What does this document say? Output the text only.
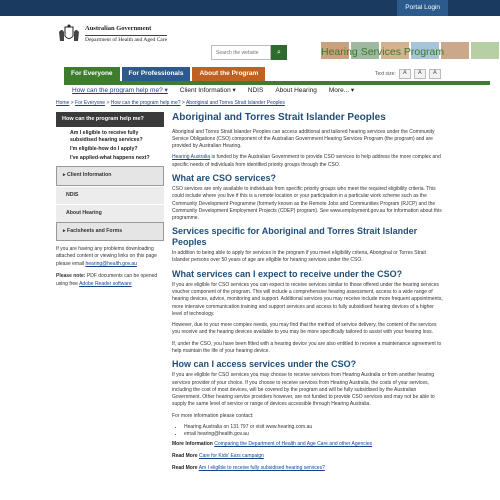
Portal Login
Australian Government
Department of Health and Aged Care
Search the website
⌕	Hearing Services Program
For Everyone	For Professionals	About the Program	Text size:	A	A	A
How can the program help me? ▾ Client Information ▾ NDIS About Hearing More... ▾
Home > For Everyone > How can the program help me? > Aboriginal and Torres Strait Islander Peoples
How can the program help me?
Am I eligible to receive fully subsidised hearing services?
I'm eligible-how do I apply?
I've applied-what happens next?
▸ Client Information
NDIS
About Hearing
▸ Factsheets and Forms

If you are having any problems downloading attached content or viewing links on this page please email hearing@health.gov.au

Please note: PDF documents can be opened using free Adobe Reader software

Aboriginal and Torres Strait Islander Peoples

Aboriginal and Torres Strait Islander Peoples can access additional and tailored hearing services under the Community Service Obligations (CSO) component of the Australian Government Hearing Services Program (the program) and are provided by Australian Hearing.

Hearing Australia is funded by the Australian Government to provide CSO services to help address the more complex and specific needs of individuals from identified priority groups through the CSO.

What are CSO services?

CSO services are only available to individuals from specific priority groups who meet the required eligibility criteria. This could include where you live if this is a remote location or your participation in a particular work scheme such as the Community Development Programme (formerly known as the Remote Jobs and Communities Program (RJCP) and the Community Development Employment Projects (CDEP) program). See www.employment.gov.au for information about this programme.

Services specific for Aboriginal and Torres Strait Islander Peoples

In addition to being able to apply for services in the program if you meet eligibility criteria, Aboriginal or Torres Strait Islander persons over 50 years of age are eligible for hearing services under the CSO.

What services can I expect to receive under the CSO?

If you are eligible for CSO services you can expect to receive services similar to those offered under the hearing services voucher component of the program. This will include a comprehensive hearing assessment, access to a wide range of hearing devices, advice, monitoring and support. Additional services you may receive include more frequent appointments, more intensive communication training and support services and access to fully subsidised hearing devices of a higher level of technology.

However, due to your more complex needs, you may find that the method of service delivery, the content of the services you receive and the hearing devices available to you may be more specifically tailored to assist with your hearing loss.

If, under the CSO, you have been fitted with a hearing device you are also entitled to receive a maintenance agreement to help maintain the life of your hearing device.

How can I access services under the CSO?

If you are eligible for CSO services you may choose to receive services from Hearing Australia or from another hearing services provider of your choice. If you choose to receive services from Hearing Australia, the costs of your services, including the cost of most devices, will be covered by the program and will be fully subsidised by the Australian Government. Other hearing service providers however, are not funded to provide CSO services and may not be able to supply the same level of service or range of devices accessible through Hearing Australia.

For more information please contact:

• Hearing Australia on 131 797 or visit www.hearing.com.au
• email hearing@health.gov.au
More Information Comparing the Department of Health and Age Care and other Agencies
Read More Care for Kids' Ears campaign
Read More Am I eligible to receive fully subsidised hearing services?
